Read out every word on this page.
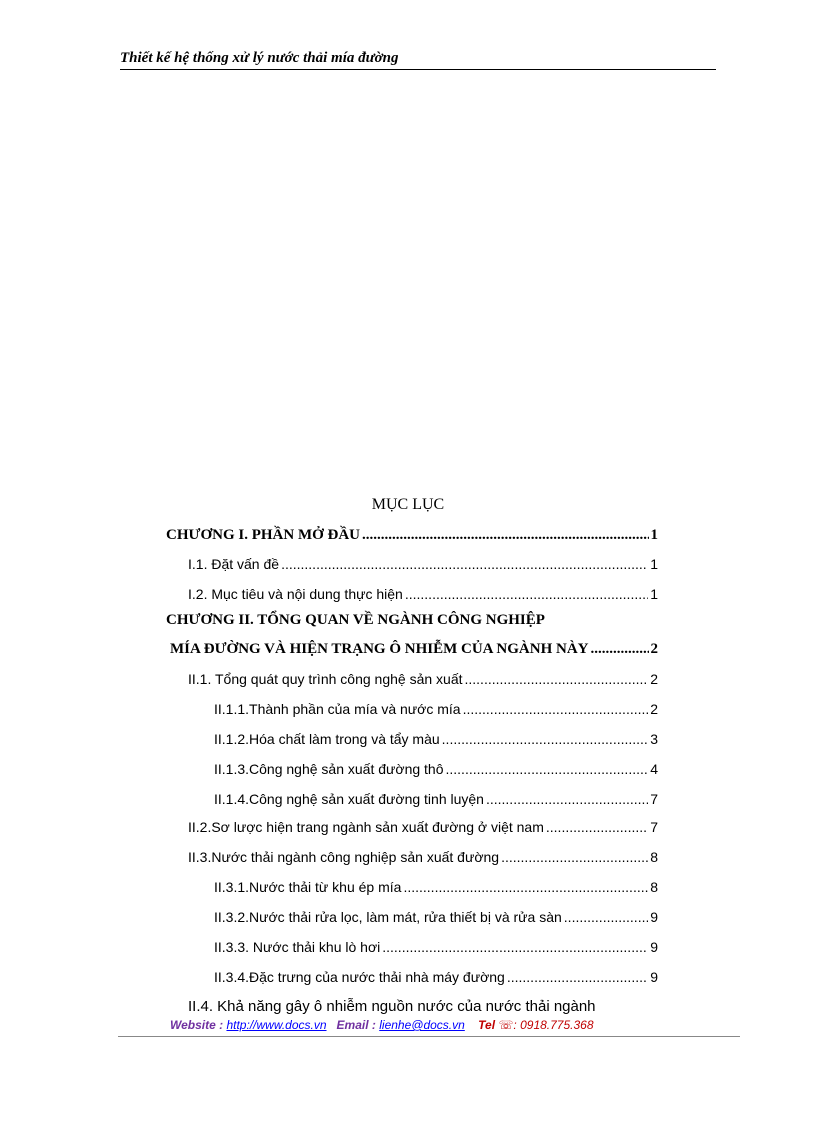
Thiết kế hệ thống xử lý nước thải mía đường
MỤC LỤC
CHƯƠNG I. PHẦN MỞ ĐẦU .....	1
I.1. Đặt vấn đề .....	1
I.2. Mục tiêu và nội dung thực hiện .....	1
CHƯƠNG II. TỔNG QUAN VỀ NGÀNH CÔNG NGHIỆP
MÍA ĐƯỜNG VÀ HIỆN TRẠNG Ô NHIỄM CỦA NGÀNH NÀY .....	2
II.1. Tổng quát quy trình công nghệ sản xuất .....	2
II.1.1.Thành phần của mía và nước mía .....	2
II.1.2.Hóa chất làm trong và tẩy màu .....	3
II.1.3.Công nghệ sản xuất đường thô .....	4
II.1.4.Công nghệ sản xuất đường tinh luyện .....	7
II.2.Sơ lược hiện trang ngành sản xuất đường ở việt nam .....	7
II.3.Nước thải ngành công nghiệp sản xuất đường .....	8
II.3.1.Nước thải từ khu ép mía .....	8
II.3.2.Nước thải rửa lọc, làm mát, rửa thiết bị và rửa sàn .....	9
II.3.3. Nước thải khu lò hơi .....	9
II.3.4.Đặc trưng của nước thải nhà máy đường .....	9
II.4. Khả năng gây ô nhiễm nguồn nước của nước thải ngành
Website : http://www.docs.vn Email : lienhe@docs.vn Tel ☏: 0918.775.368
